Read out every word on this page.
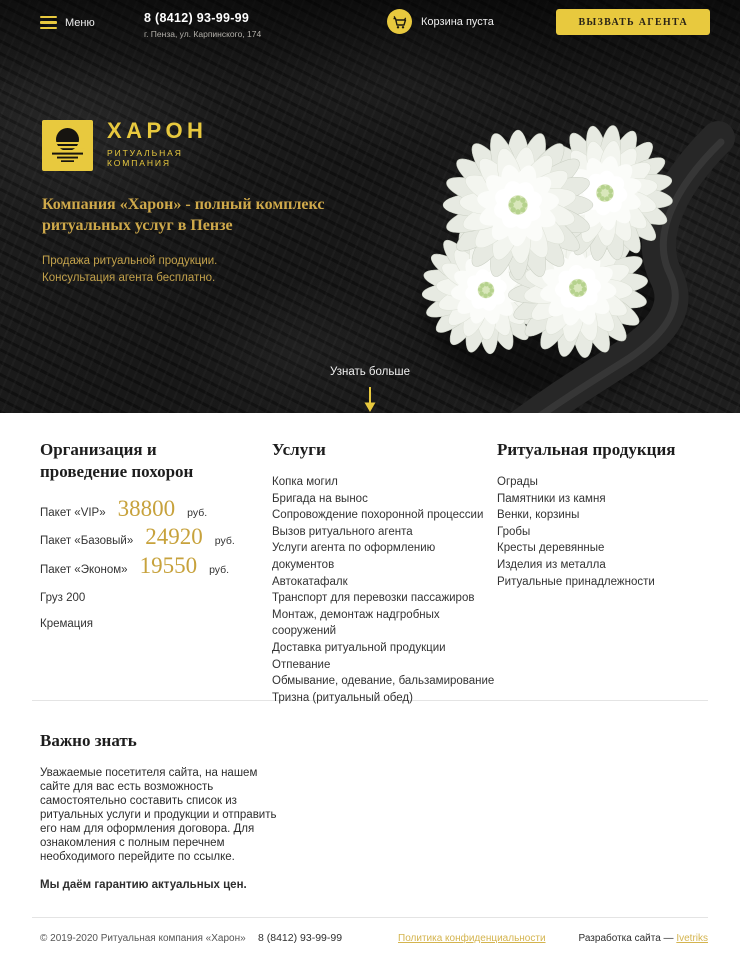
Меню	8 (8412) 93-99-99
г. Пенза, ул. Карпинского, 174
Корзина пуста	ВЫЗВАТЬ АГЕНТА
ХАРОН
РИТУАЛЬНАЯ
КОМПАНИЯ
Компания «Харон» - полный комплекс ритуальных услуг в Пензе
Продажа ритуальной продукции.
Консультация агента бесплатно.
Узнать больше
Организация и проведение похорон
Пакет «VIP» 38800 руб.
Пакет «Базовый» 24920 руб.
Пакет «Эконом» 19550 руб.
Груз 200
Кремация
Услуги
Копка могил
Бригада на вынос
Сопровождение похоронной процессии
Вызов ритуального агента
Услуги агента по оформлению документов
Автокатафалк
Транспорт для перевозки пассажиров
Монтаж, демонтаж надгробных сооружений
Доставка ритуальной продукции
Отпевание
Обмывание, одевание, бальзамирование
Тризна (ритуальный обед)
Ритуальная продукция
Ограды
Памятники из камня
Венки, корзины
Гробы
Кресты деревянные
Изделия из металла
Ритуальные принадлежности
Важно знать

Уважаемые посетителя сайта, на нашем сайте для вас есть возможность самостоятельно составить список из ритуальных услуги и продукции и отправить его нам для оформления договора. Для ознакомления с полным перечнем необходимого перейдите по ссылке.

Мы даём гарантию актуальных цен.

© 2019-2020 Ритуальная компания «Харон»	8 (8412) 93-99-99	Политика конфиденциальности	Разработка сайта — Ivetriks
